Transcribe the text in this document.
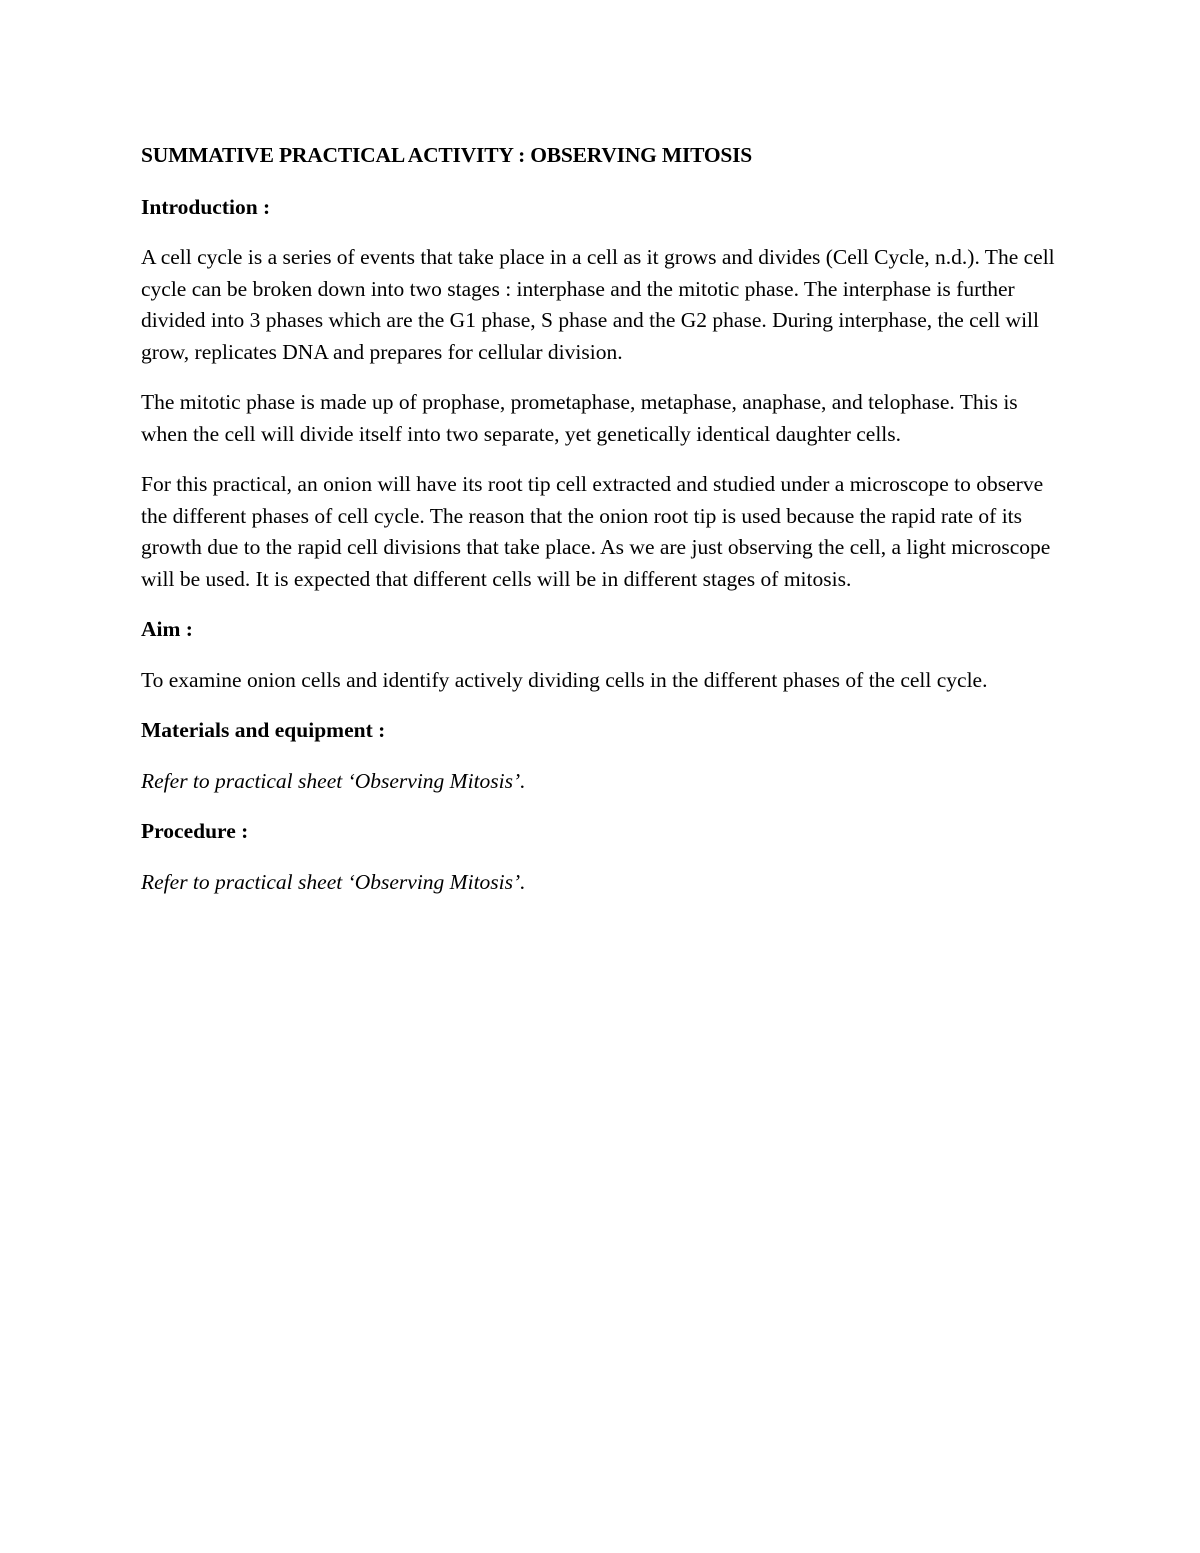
SUMMATIVE PRACTICAL ACTIVITY : OBSERVING MITOSIS

Introduction :

A cell cycle is a series of events that take place in a cell as it grows and divides (Cell Cycle, n.d.). The cell cycle can be broken down into two stages : interphase and the mitotic phase. The interphase is further divided into 3 phases which are the G1 phase, S phase and the G2 phase. During interphase, the cell will grow, replicates DNA and prepares for cellular division.

The mitotic phase is made up of prophase, prometaphase, metaphase, anaphase, and telophase. This is when the cell will divide itself into two separate, yet genetically identical daughter cells.

For this practical, an onion will have its root tip cell extracted and studied under a microscope to observe the different phases of cell cycle. The reason that the onion root tip is used because the rapid rate of its growth due to the rapid cell divisions that take place. As we are just observing the cell, a light microscope will be used. It is expected that different cells will be in different stages of mitosis.

Aim :

To examine onion cells and identify actively dividing cells in the different phases of the cell cycle.

Materials and equipment :

Refer to practical sheet ‘Observing Mitosis’.

Procedure :

Refer to practical sheet ‘Observing Mitosis’.
